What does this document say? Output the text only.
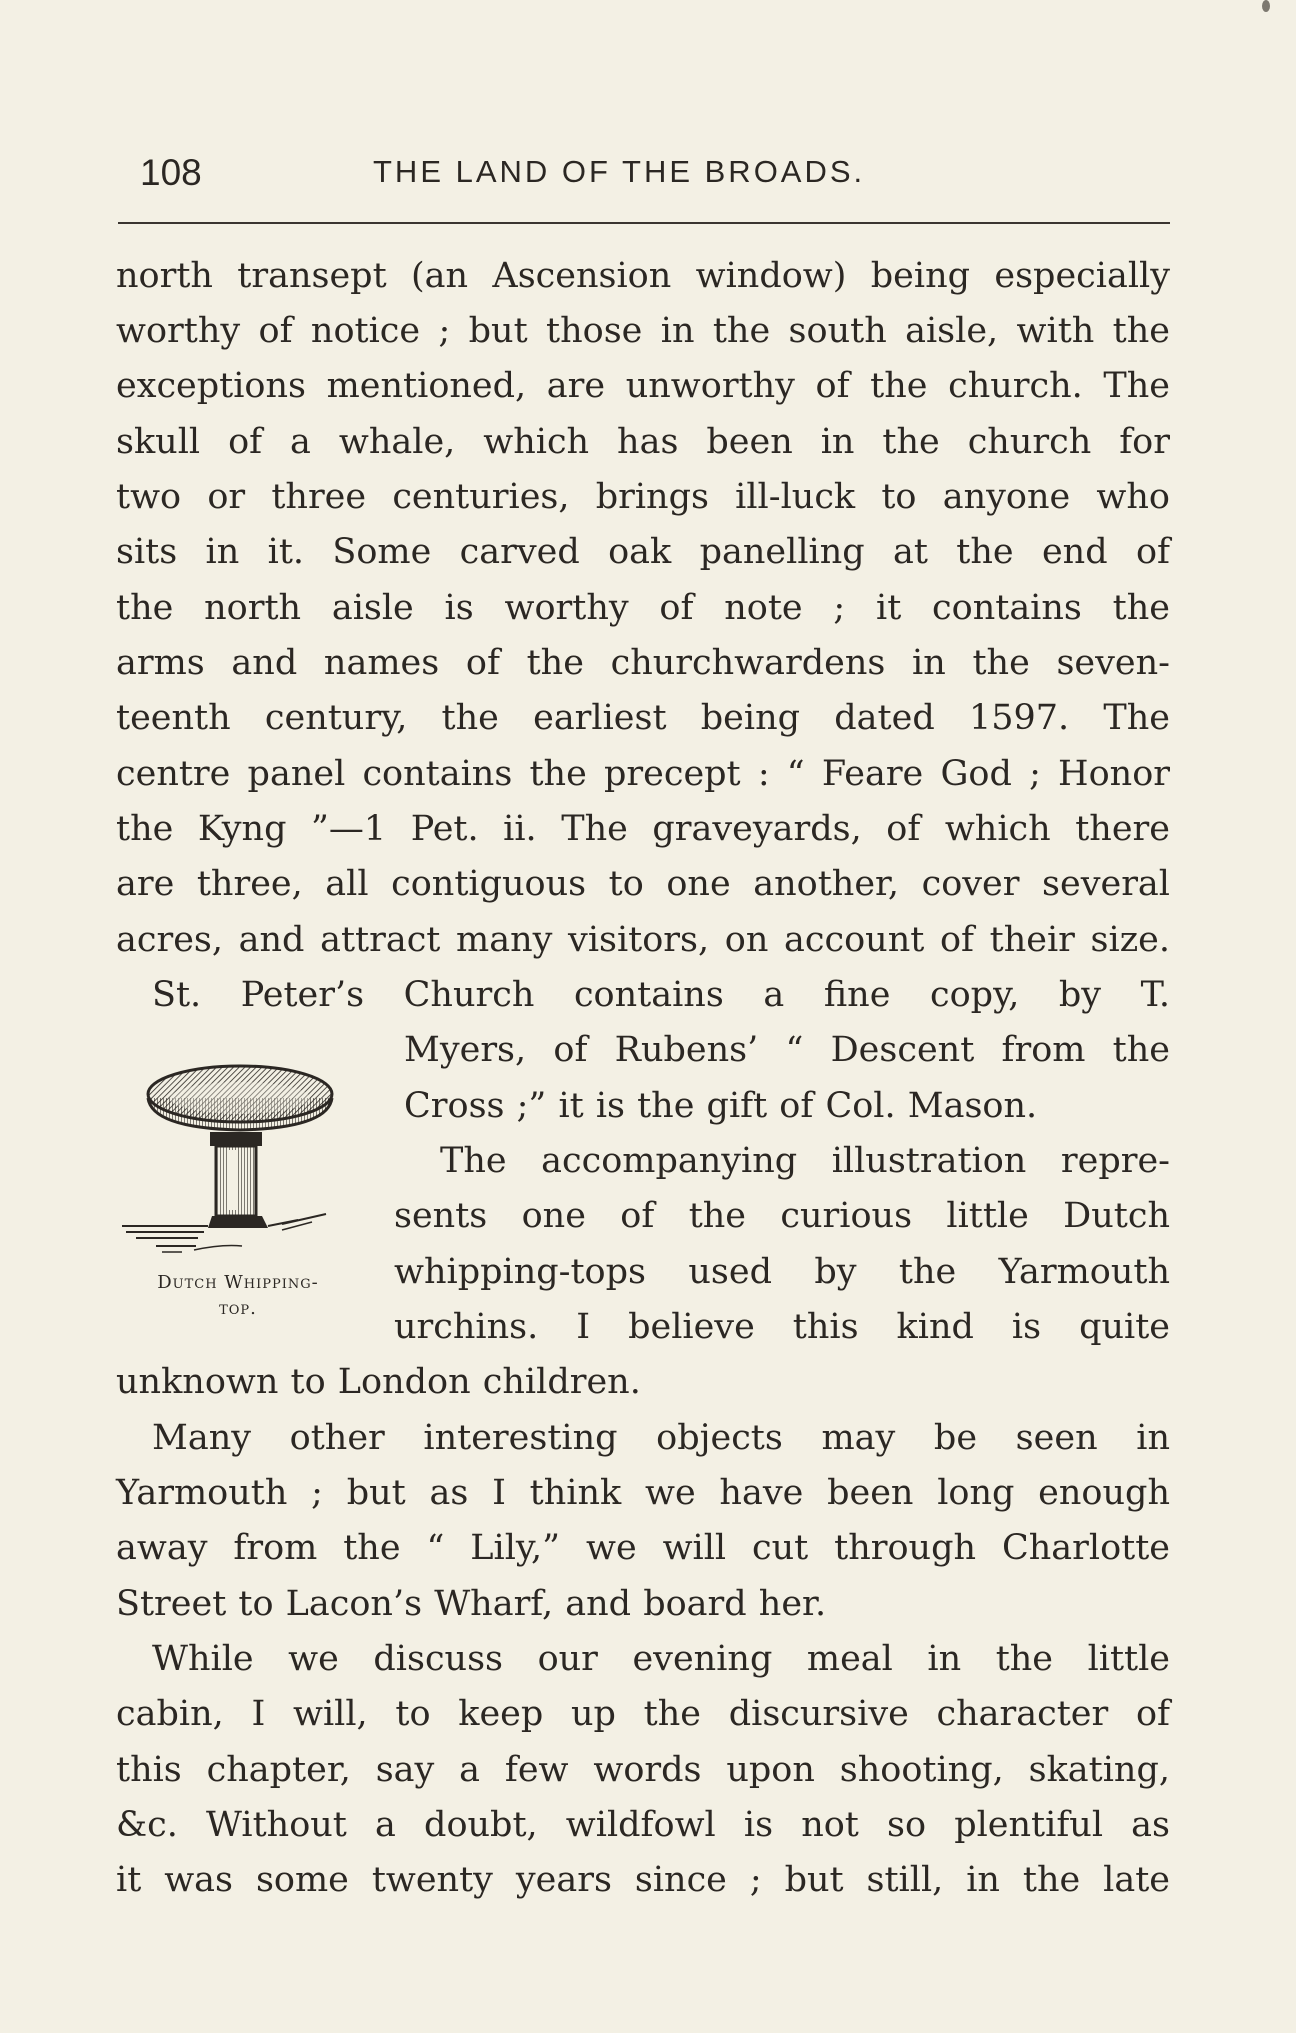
108	THE LAND OF THE BROADS.
north transept (an Ascension window) being especially
worthy of notice ; but those in the south aisle, with the
exceptions mentioned, are unworthy of the church. The
skull of a whale, which has been in the church for
two or three centuries, brings ill-luck to anyone who
sits in it. Some carved oak panelling at the end of
the north aisle is worthy of note ; it contains the
arms and names of the churchwardens in the seven-
teenth century, the earliest being dated 1597. The
centre panel contains the precept : “ Feare God ; Honor
the Kyng ”—1 Pet. ii. The graveyards, of which there
are three, all contiguous to one another, cover several
acres, and attract many visitors, on account of their size.
St. Peter’s Church contains a fine copy, by T.
Myers, of Rubens’ “ Descent from the
Cross ;” it is the gift of Col. Mason.
The accompanying illustration repre-
sents one of the curious little Dutch
whipping-tops used by the Yarmouth
urchins. I believe this kind is quite
unknown to London children.
Many other interesting objects may be seen in
Yarmouth ; but as I think we have been long enough
away from the “ Lily,” we will cut through Charlotte
Street to Lacon’s Wharf, and board her.
While we discuss our evening meal in the little
cabin, I will, to keep up the discursive character of
this chapter, say a few words upon shooting, skating,
&c. Without a doubt, wildfowl is not so plentiful as
it was some twenty years since ; but still, in the late
Dutch Whipping-
top.
